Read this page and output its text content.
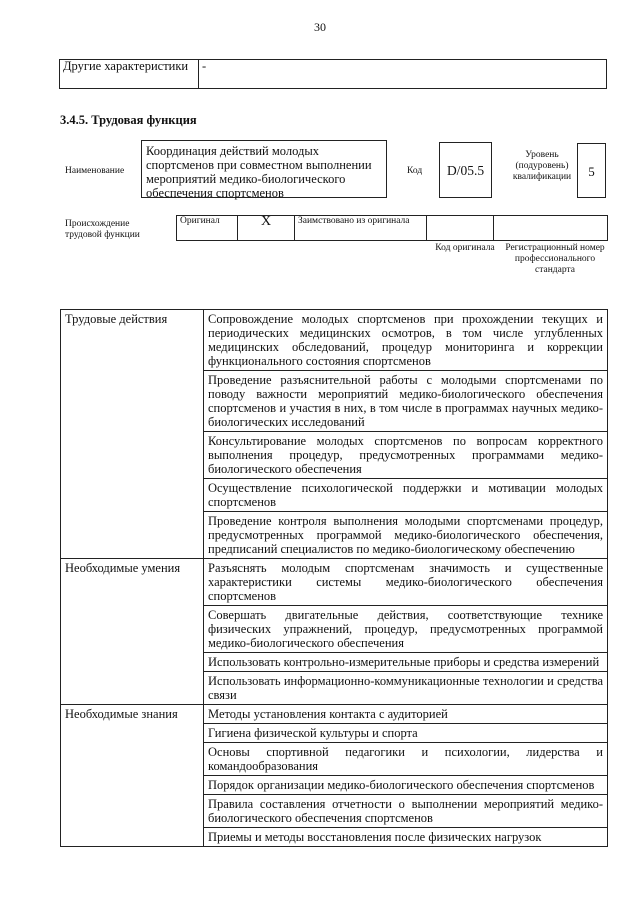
30
Другие характеристики	-
3.4.5. Трудовая функция
Наименование
Координация действий молодых спортсменов при совместном выполнении мероприятий медико-биологического обеспечения спортсменов
Код	D/05.5
Уровень (подуровень) квалификации	5
Происхождение трудовой функции
Оригинал	X	Заимствовано из оригинала		
Код оригинала Регистрационный номер профессионального стандарта
Трудовые действия	Сопровождение молодых спортсменов при прохождении текущих и периодических медицинских осмотров, в том числе углубленных медицинских обследований, процедур мониторинга и коррекции функционального состояния спортсменов
	Проведение разъяснительной работы с молодыми спортсменами по поводу важности мероприятий медико-биологического обеспечения спортсменов и участия в них, в том числе в программах научных медико-биологических исследований
	Консультирование молодых спортсменов по вопросам корректного выполнения процедур, предусмотренных программами медико-биологического обеспечения
	Осуществление психологической поддержки и мотивации молодых спортсменов
	Проведение контроля выполнения молодыми спортсменами процедур, предусмотренных программой медико-биологического обеспечения, предписаний специалистов по медико-биологическому обеспечению
Необходимые умения	Разъяснять молодым спортсменам значимость и существенные характеристики системы медико-биологического обеспечения спортсменов
	Совершать двигательные действия, соответствующие технике физических упражнений, процедур, предусмотренных программой медико-биологического обеспечения
	Использовать контрольно-измерительные приборы и средства измерений
	Использовать информационно-коммуникационные технологии и средства связи
Необходимые знания	Методы установления контакта с аудиторией
	Гигиена физической культуры и спорта
	Основы спортивной педагогики и психологии, лидерства и командообразования
	Порядок организации медико-биологического обеспечения спортсменов
	Правила составления отчетности о выполнении мероприятий медико-биологического обеспечения спортсменов
	Приемы и методы восстановления после физических нагрузок
